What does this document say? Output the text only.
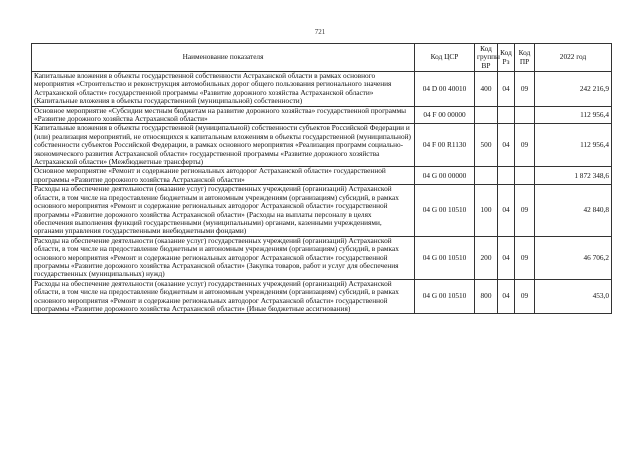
721
Наименование показателя	Код ЦСР	Код группы ВР	Код Рз	Код ПР	2022 год
Капитальные вложения в объекты государственной собственности Астраханской области в рамках основного мероприятия «Строительство и реконструкция автомобильных дорог общего пользования регионального значения Астраханской области» государственной программы «Развитие дорожного хозяйства Астраханской области» (Капитальные вложения в объекты государственной (муниципальной) собственности)	04 D 00 40010	400	04	09	242 216,9
Основное мероприятие «Субсидии местным бюджетам на развитие дорожного хозяйства» государственной программы «Развитие дорожного хозяйства Астраханской области»	04 F 00 00000				112 956,4
Капитальные вложения в объекты государственной (муниципальной) собственности субъектов Российской Федерации и (или) реализация мероприятий, не относящихся к капитальным вложениям в объекты государственной (муниципальной) собственности субъектов Российской Федерации, в рамках основного мероприятия «Реализация программ социально-экономического развития Астраханской области» государственной программы «Развитие дорожного хозяйства Астраханской области» (Межбюджетные трансферты)	04 F 00 R1130	500	04	09	112 956,4
Основное мероприятие «Ремонт и содержание региональных автодорог Астраханской области» государственной программы «Развитие дорожного хозяйства Астраханской области»	04 G 00 00000				1 872 348,6
Расходы на обеспечение деятельности (оказание услуг) государственных учреждений (организаций) Астраханской области, в том числе на предоставление бюджетным и автономным учреждениям (организациям) субсидий, в рамках основного мероприятия «Ремонт и содержание региональных автодорог Астраханской области» государственной программы «Развитие дорожного хозяйства Астраханской области» (Расходы на выплаты персоналу в целях обеспечения выполнения функций государственными (муниципальными) органами, казенными учреждениями, органами управления государственными внебюджетными фондами)	04 G 00 10510	100	04	09	42 840,8
Расходы на обеспечение деятельности (оказание услуг) государственных учреждений (организаций) Астраханской области, в том числе на предоставление бюджетным и автономным учреждениям (организациям) субсидий, в рамках основного мероприятия «Ремонт и содержание региональных автодорог Астраханской области» государственной программы «Развитие дорожного хозяйства Астраханской области» (Закупка товаров, работ и услуг для обеспечения государственных (муниципальных) нужд)	04 G 00 10510	200	04	09	46 706,2
Расходы на обеспечение деятельности (оказание услуг) государственных учреждений (организаций) Астраханской области, в том числе на предоставление бюджетным и автономным учреждениям (организациям) субсидий, в рамках основного мероприятия «Ремонт и содержание региональных автодорог Астраханской области» государственной программы «Развитие дорожного хозяйства Астраханской области» (Иные бюджетные ассигнования)	04 G 00 10510	800	04	09	453,0
